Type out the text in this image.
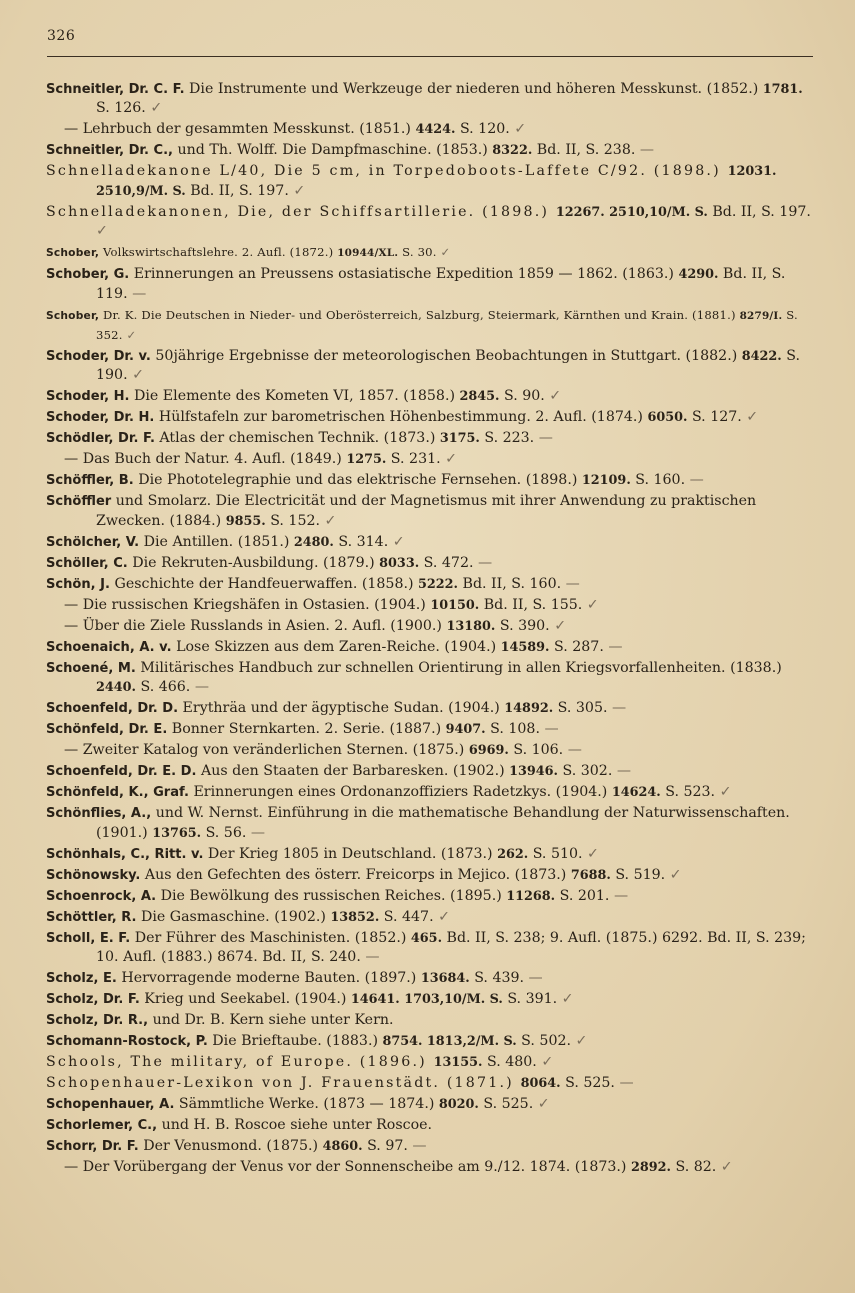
326
Schneitler, Dr. C. F. Die Instrumente und Werkzeuge der niederen und höheren Messkunst. (1852.) 1781. S. 126. ✓
— Lehrbuch der gesammten Messkunst. (1851.) 4424. S. 120. ✓
Schneitler, Dr. C., und Th. Wolff. Die Dampfmaschine. (1853.) 8322. Bd. II, S. 238. —
Schnelladekanone L/40, Die 5 cm, in Torpedoboots-Laffete C/92. (1898.) 12031. 2510,9/M. S. Bd. II, S. 197. ✓
Schnelladekanonen, Die, der Schiffsartillerie. (1898.) 12267. 2510,10/M. S. Bd. II, S. 197. ✓
Schober, Volkswirtschaftslehre. 2. Aufl. (1872.) 10944/XL. S. 30. ✓
Schober, G. Erinnerungen an Preussens ostasiatische Expedition 1859 — 1862. (1863.) 4290. Bd. II, S. 119. —
Schober, Dr. K. Die Deutschen in Nieder- und Oberösterreich, Salzburg, Steiermark, Kärnthen und Krain. (1881.) 8279/I. S. 352. ✓
Schoder, Dr. v. 50jährige Ergebnisse der meteorologischen Beobachtungen in Stuttgart. (1882.) 8422. S. 190. ✓
Schoder, H. Die Elemente des Kometen VI, 1857. (1858.) 2845. S. 90. ✓
Schoder, Dr. H. Hülfstafeln zur barometrischen Höhenbestimmung. 2. Aufl. (1874.) 6050. S. 127. ✓
Schödler, Dr. F. Atlas der chemischen Technik. (1873.) 3175. S. 223. —
— Das Buch der Natur. 4. Aufl. (1849.) 1275. S. 231. ✓
Schöffler, B. Die Phototelegraphie und das elektrische Fernsehen. (1898.) 12109. S. 160. —
Schöffler und Smolarz. Die Electricität und der Magnetismus mit ihrer Anwendung zu praktischen Zwecken. (1884.) 9855. S. 152. ✓
Schölcher, V. Die Antillen. (1851.) 2480. S. 314. ✓
Schöller, C. Die Rekruten-Ausbildung. (1879.) 8033. S. 472. —
Schön, J. Geschichte der Handfeuerwaffen. (1858.) 5222. Bd. II, S. 160. —
— Die russischen Kriegshäfen in Ostasien. (1904.) 10150. Bd. II, S. 155. ✓
— Über die Ziele Russlands in Asien. 2. Aufl. (1900.) 13180. S. 390. ✓
Schoenaich, A. v. Lose Skizzen aus dem Zaren-Reiche. (1904.) 14589. S. 287. —
Schoené, M. Militärisches Handbuch zur schnellen Orientirung in allen Kriegsvorfallenheiten. (1838.) 2440. S. 466. —
Schoenfeld, Dr. D. Erythräa und der ägyptische Sudan. (1904.) 14892. S. 305. —
Schönfeld, Dr. E. Bonner Sternkarten. 2. Serie. (1887.) 9407. S. 108. —
— Zweiter Katalog von veränderlichen Sternen. (1875.) 6969. S. 106. —
Schoenfeld, Dr. E. D. Aus den Staaten der Barbaresken. (1902.) 13946. S. 302. —
Schönfeld, K., Graf. Erinnerungen eines Ordonanzoffiziers Radetzkys. (1904.) 14624. S. 523. ✓
Schönflies, A., und W. Nernst. Einführung in die mathematische Behandlung der Naturwissenschaften. (1901.) 13765. S. 56. —
Schönhals, C., Ritt. v. Der Krieg 1805 in Deutschland. (1873.) 262. S. 510. ✓
Schönowsky. Aus den Gefechten des österr. Freicorps in Mejico. (1873.) 7688. S. 519. ✓
Schoenrock, A. Die Bewölkung des russischen Reiches. (1895.) 11268. S. 201. —
Schöttler, R. Die Gasmaschine. (1902.) 13852. S. 447. ✓
Scholl, E. F. Der Führer des Maschinisten. (1852.) 465. Bd. II, S. 238; 9. Aufl. (1875.) 6292. Bd. II, S. 239; 10. Aufl. (1883.) 8674. Bd. II, S. 240. —
Scholz, E. Hervorragende moderne Bauten. (1897.) 13684. S. 439. —
Scholz, Dr. F. Krieg und Seekabel. (1904.) 14641. 1703,10/M. S. S. 391. ✓
Scholz, Dr. R., und Dr. B. Kern siehe unter Kern.
Schomann-Rostock, P. Die Brieftaube. (1883.) 8754. 1813,2/M. S. S. 502. ✓
Schools, The military, of Europe. (1896.) 13155. S. 480. ✓
Schopenhauer-Lexikon von J. Frauenstädt. (1871.) 8064. S. 525. —
Schopenhauer, A. Sämmtliche Werke. (1873 — 1874.) 8020. S. 525. ✓
Schorlemer, C., und H. B. Roscoe siehe unter Roscoe.
Schorr, Dr. F. Der Venusmond. (1875.) 4860. S. 97. —
— Der Vorübergang der Venus vor der Sonnenscheibe am 9./12. 1874. (1873.) 2892. S. 82. ✓
